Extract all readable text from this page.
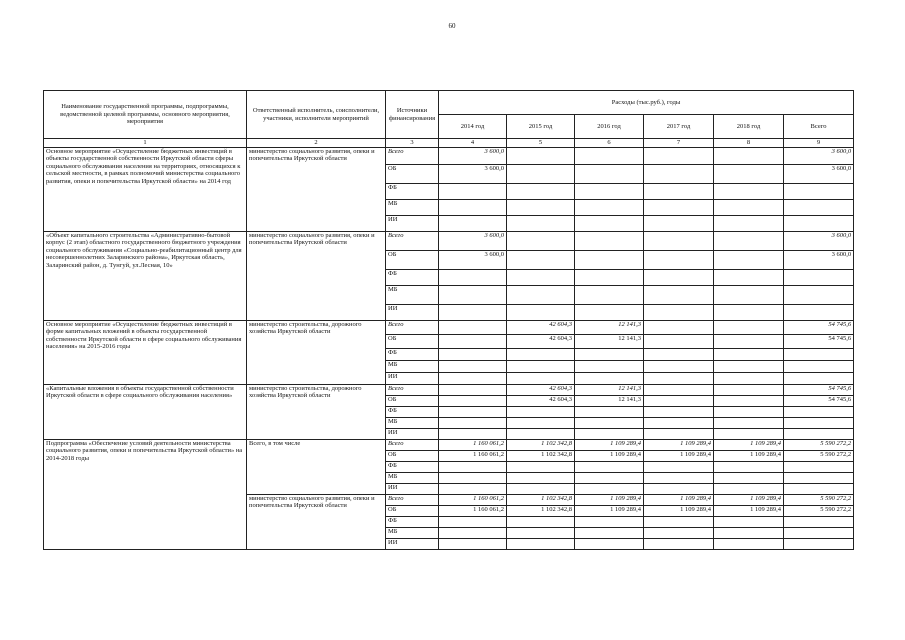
60
Наименование государственной программы, подпрограммы, ведомственной целевой программы, основного мероприятия, мероприятия	Ответственный исполнитель, соисполнители, участники, исполнители мероприятий	Источники финансирования	Расходы (тыс.руб.), годы					
			2014 год	2015 год	2016 год	2017 год	2018 год	Всего
1	2	3	4	5	6	7	8	9
Основное мероприятие «Осуществление бюджетных инвестиций в объекты государственной собственности Иркутской области сферы социального обслуживания населения на территориях, относящихся к сельской местности, в рамках полномочий министерства социального развития, опеки и попечительства Иркутской области» на 2014 год	министерство социального развития, опеки и попечительства Иркутской области	Всего	3 600,0					3 600,0
		ОБ	3 600,0					3 600,0
		ФБ						
		МБ						
		ИИ						
«Объект капитального строительства «Административно-бытовой корпус (2 этап) областного государственного бюджетного учреждения социального обслуживания «Социально-реабилитационный центр для несовершеннолетних Заларинского района», Иркутская область, Заларинский район, д. Тунгуй, ул.Лесная, 10»	министерство социального развития, опеки и попечительства Иркутской области	Всего	3 600,0					3 600,0
		ОБ	3 600,0					3 600,0
		ФБ						
		МБ						
		ИИ						
Основное мероприятие «Осуществление бюджетных инвестиций в форме капитальных вложений в объекты государственной собственности Иркутской области в сфере социального обслуживания населения» на 2015-2016 годы	министерство строительства, дорожного хозяйства Иркутской области	Всего		42 604,3	12 141,3			54 745,6
		ОБ		42 604,3	12 141,3			54 745,6
		ФБ						
		МБ						
		ИИ						
«Капитальные вложения в объекты государственной собственности Иркутской области в сфере социального обслуживания населения»	министерство строительства, дорожного хозяйства Иркутской области	Всего		42 604,3	12 141,3			54 745,6
		ОБ		42 604,3	12 141,3			54 745,6
		ФБ						
		МБ						
		ИИ						
Подпрограмма «Обеспечение условий деятельности министерства социального развития, опеки и попечительства Иркутской области» на 2014-2018 годы	Всего, в том числе	Всего	1 160 061,2	1 102 342,8	1 109 289,4	1 109 289,4	1 109 289,4	5 590 272,2
		ОБ	1 160 061,2	1 102 342,8	1 109 289,4	1 109 289,4	1 109 289,4	5 590 272,2
		ФБ						
		МБ						
		ИИ						
	министерство социального развития, опеки и попечительства Иркутской области	Всего	1 160 061,2	1 102 342,8	1 109 289,4	1 109 289,4	1 109 289,4	5 590 272,2
		ОБ	1 160 061,2	1 102 342,8	1 109 289,4	1 109 289,4	1 109 289,4	5 590 272,2
		ФБ						
		МБ						
		ИИ						
